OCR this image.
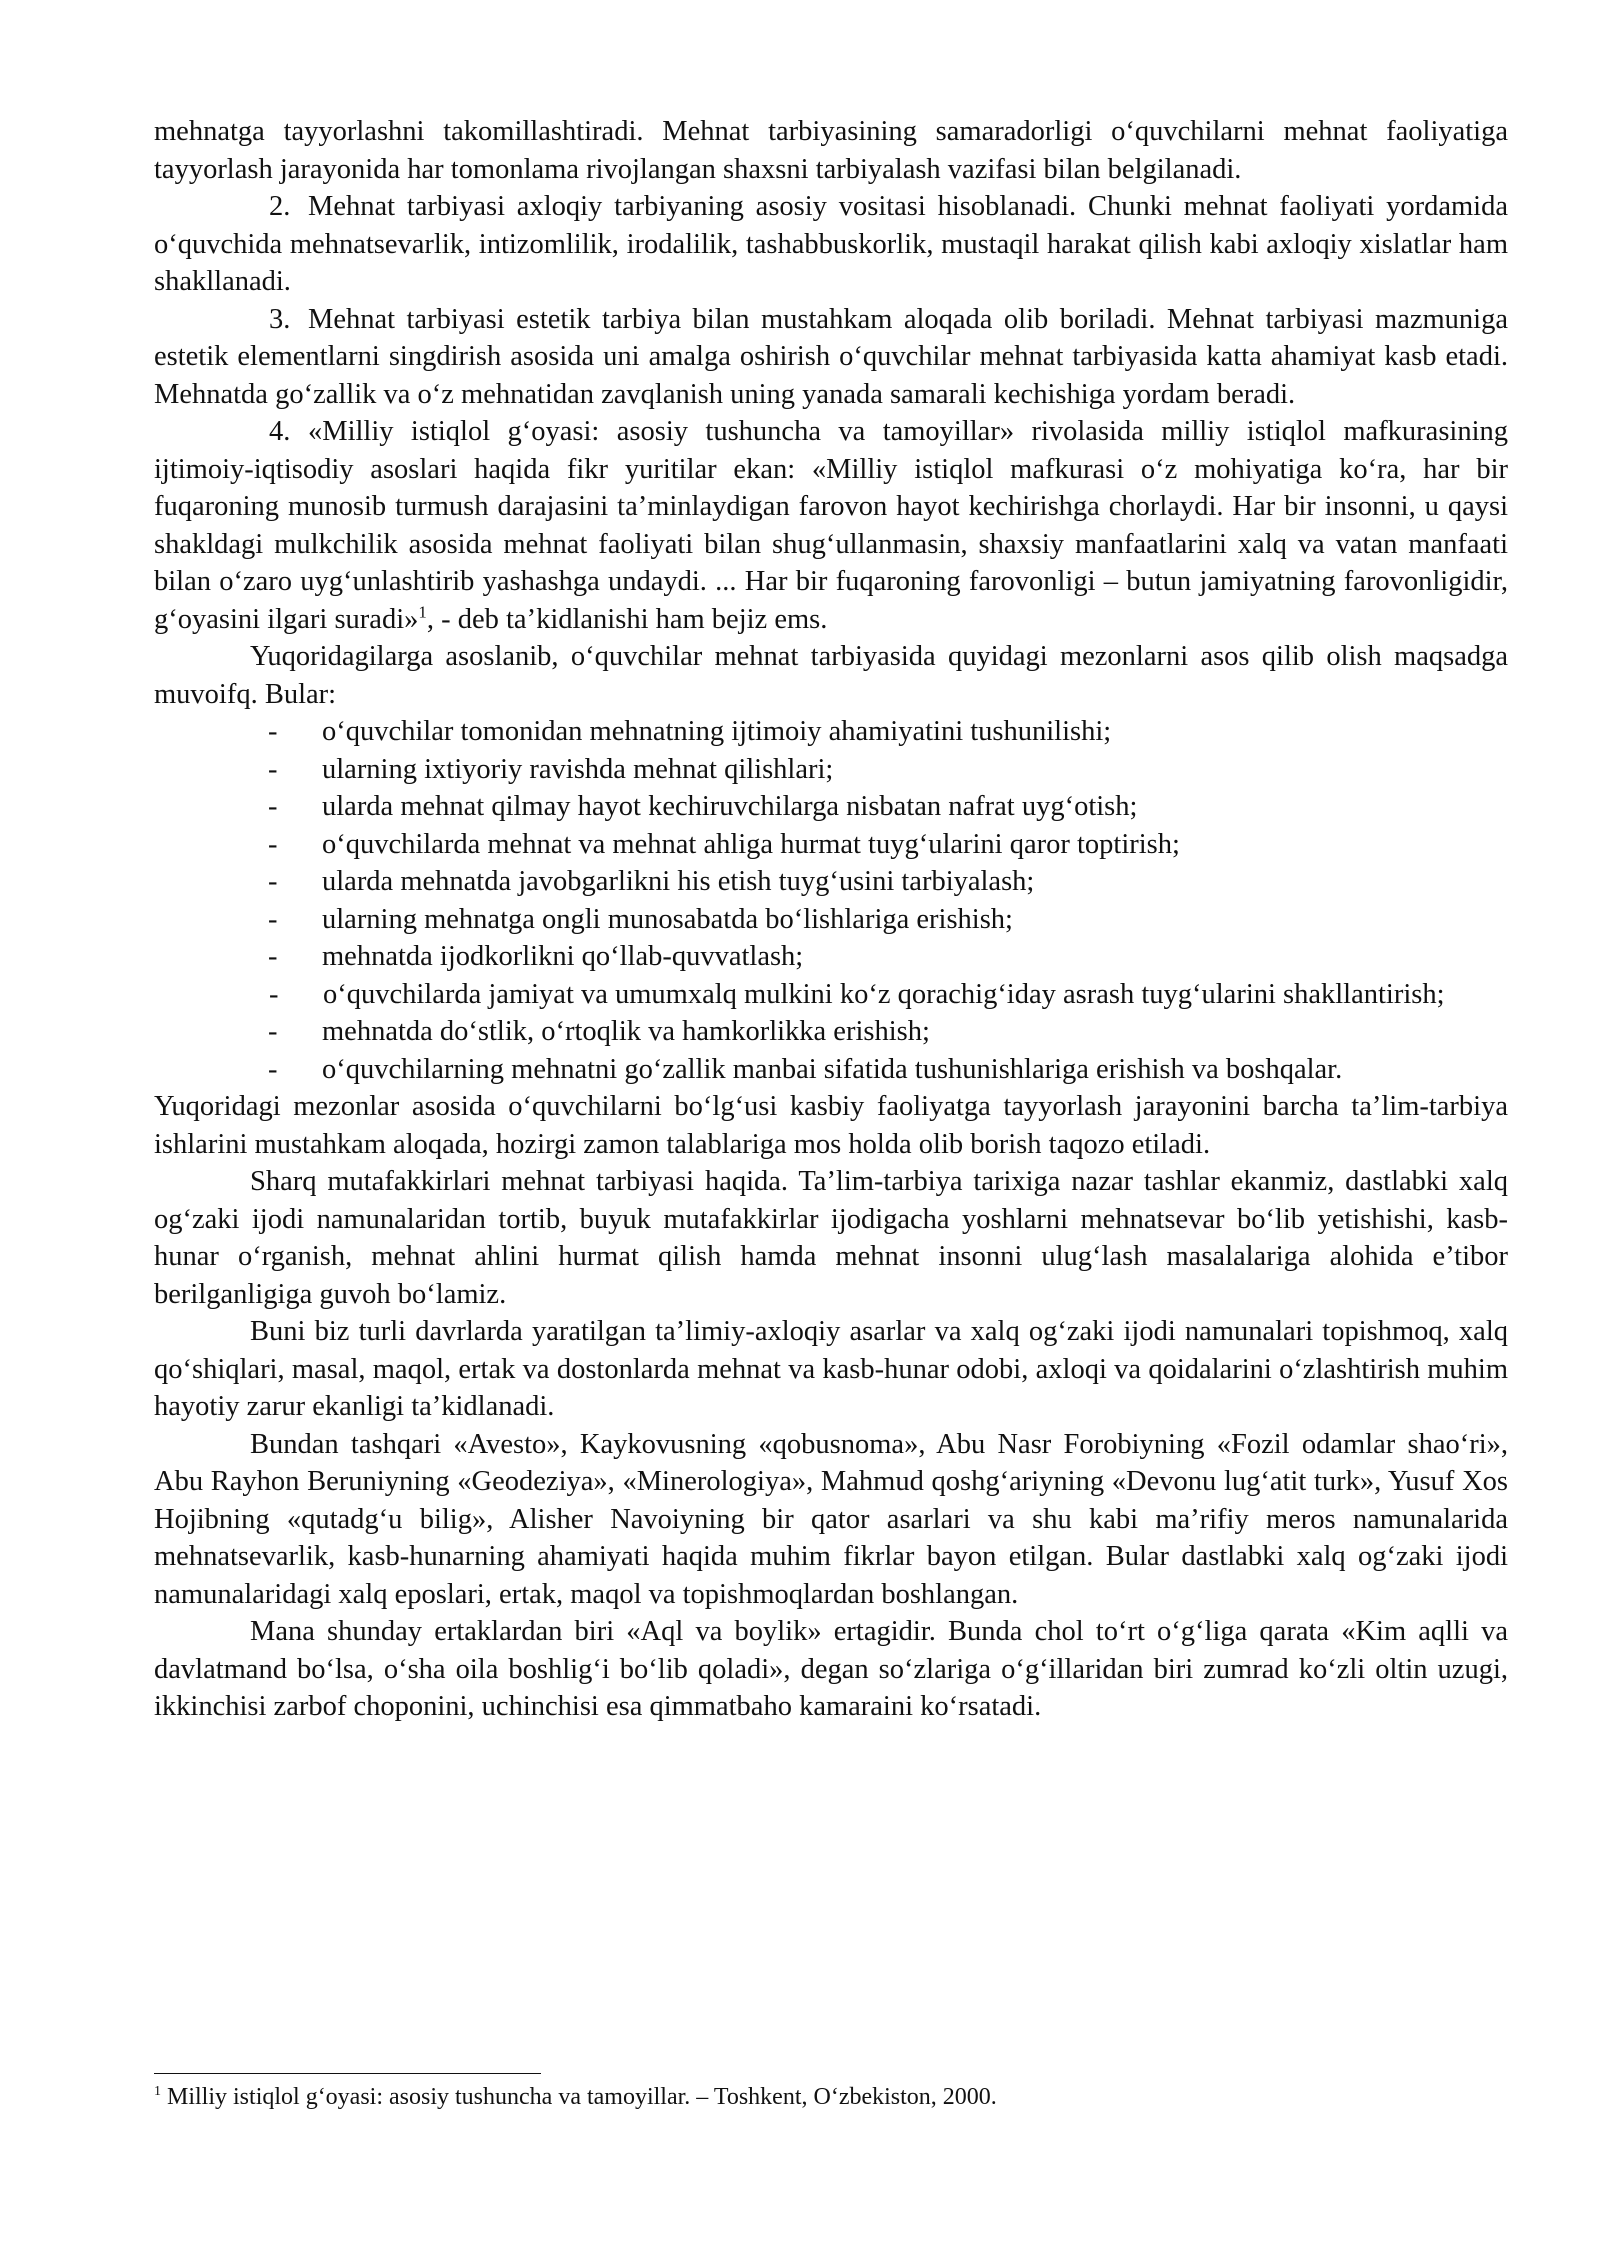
mehnatga tayyorlashni takomillashtiradi. Mehnat tarbiyasining samaradorligi o‘quvchilarni mehnat faoliyatiga tayyorlash jarayonida har tomonlama rivojlangan shaxsni tarbiyalash vazifasi bilan belgilanadi.

2. Mehnat tarbiyasi axloqiy tarbiyaning asosiy vositasi hisoblanadi. Chunki mehnat faoliyati yordamida o‘quvchida mehnatsevarlik, intizomlilik, irodalilik, tashabbuskorlik, mustaqil harakat qilish kabi axloqiy xislatlar ham shakllanadi.

3. Mehnat tarbiyasi estetik tarbiya bilan mustahkam aloqada olib boriladi. Mehnat tarbiyasi mazmuniga estetik elementlarni singdirish asosida uni amalga oshirish o‘quvchilar mehnat tarbiyasida katta ahamiyat kasb etadi. Mehnatda go‘zallik va o‘z mehnatidan zavqlanish uning yanada samarali kechishiga yordam beradi.

4. «Milliy istiqlol g‘oyasi: asosiy tushuncha va tamoyillar» rivolasida milliy istiqlol mafkurasining ijtimoiy-iqtisodiy asoslari haqida fikr yuritilar ekan: «Milliy istiqlol mafkurasi o‘z mohiyatiga ko‘ra, har bir fuqaroning munosib turmush darajasini ta’minlaydigan farovon hayot kechirishga chorlaydi. Har bir insonni, u qaysi shakldagi mulkchilik asosida mehnat faoliyati bilan shug‘ullanmasin, shaxsiy manfaatlarini xalq va vatan manfaati bilan o‘zaro uyg‘unlashtirib yashashga undaydi. ... Har bir fuqaroning farovonligi – butun jamiyatning farovonligidir, g‘oyasini ilgari suradi»$^1$, - deb ta’kidlanishi ham bejiz ems.

Yuqoridagilarga asoslanib, o‘quvchilar mehnat tarbiyasida quyidagi mezonlarni asos qilib olish maqsadga muvoifq. Bular:

- o‘quvchilar tomonidan mehnatning ijtimoiy ahamiyatini tushunilishi;

- ularning ixtiyoriy ravishda mehnat qilishlari;

- ularda mehnat qilmay hayot kechiruvchilarga nisbatan nafrat uyg‘otish;

- o‘quvchilarda mehnat va mehnat ahliga hurmat tuyg‘ularini qaror toptirish;

- ularda mehnatda javobgarlikni his etish tuyg‘usini tarbiyalash;

- ularning mehnatga ongli munosabatda bo‘lishlariga erishish;

- mehnatda ijodkorlikni qo‘llab-quvvatlash;

- o‘quvchilarda jamiyat va umumxalq mulkini ko‘z qorachig‘iday asrash tuyg‘ularini shakllantirish;

- mehnatda do‘stlik, o‘rtoqlik va hamkorlikka erishish;

- o‘quvchilarning mehnatni go‘zallik manbai sifatida tushunishlariga erishish va boshqalar.

Yuqoridagi mezonlar asosida o‘quvchilarni bo‘lg‘usi kasbiy faoliyatga tayyorlash jarayonini barcha ta’lim-tarbiya ishlarini mustahkam aloqada, hozirgi zamon talablariga mos holda olib borish taqozo etiladi.

Sharq mutafakkirlari mehnat tarbiyasi haqida. Ta’lim-tarbiya tarixiga nazar tashlar ekanmiz, dastlabki xalq og‘zaki ijodi namunalaridan tortib, buyuk mutafakkirlar ijodigacha yoshlarni mehnatsevar bo‘lib yetishishi, kasb-hunar o‘rganish, mehnat ahlini hurmat qilish hamda mehnat insonni ulug‘lash masalalariga alohida e’tibor berilganligiga guvoh bo‘lamiz.

Buni biz turli davrlarda yaratilgan ta’limiy-axloqiy asarlar va xalq og‘zaki ijodi namunalari topishmoq, xalq qo‘shiqlari, masal, maqol, ertak va dostonlarda mehnat va kasb-hunar odobi, axloqi va qoidalarini o‘zlashtirish muhim hayotiy zarur ekanligi ta’kidlanadi.

Bundan tashqari «Avesto», Kaykovusning «qobusnoma», Abu Nasr Forobiyning «Fozil odamlar shao‘ri», Abu Rayhon Beruniyning «Geodeziya», «Minerologiya», Mahmud qoshg‘ariyning «Devonu lug‘atit turk», Yusuf Xos Hojibning «qutadg‘u bilig», Alisher Navoiyning bir qator asarlari va shu kabi ma’rifiy meros namunalarida mehnatsevarlik, kasb-hunarning ahamiyati haqida muhim fikrlar bayon etilgan. Bular dastlabki xalq og‘zaki ijodi namunalaridagi xalq eposlari, ertak, maqol va topishmoqlardan boshlangan.

Mana shunday ertaklardan biri «Aql va boylik» ertagidir. Bunda chol to‘rt o‘g‘liga qarata «Kim aqlli va davlatmand bo‘lsa, o‘sha oila boshlig‘i bo‘lib qoladi», degan so‘zlariga o‘g‘illaridan biri zumrad ko‘zli oltin uzugi, ikkinchisi zarbof choponini, uchinchisi esa qimmatbaho kamaraini ko‘rsatadi.

$^1$ Milliy istiqlol g‘oyasi: asosiy tushuncha va tamoyillar. – Toshkent, O‘zbekiston, 2000.
